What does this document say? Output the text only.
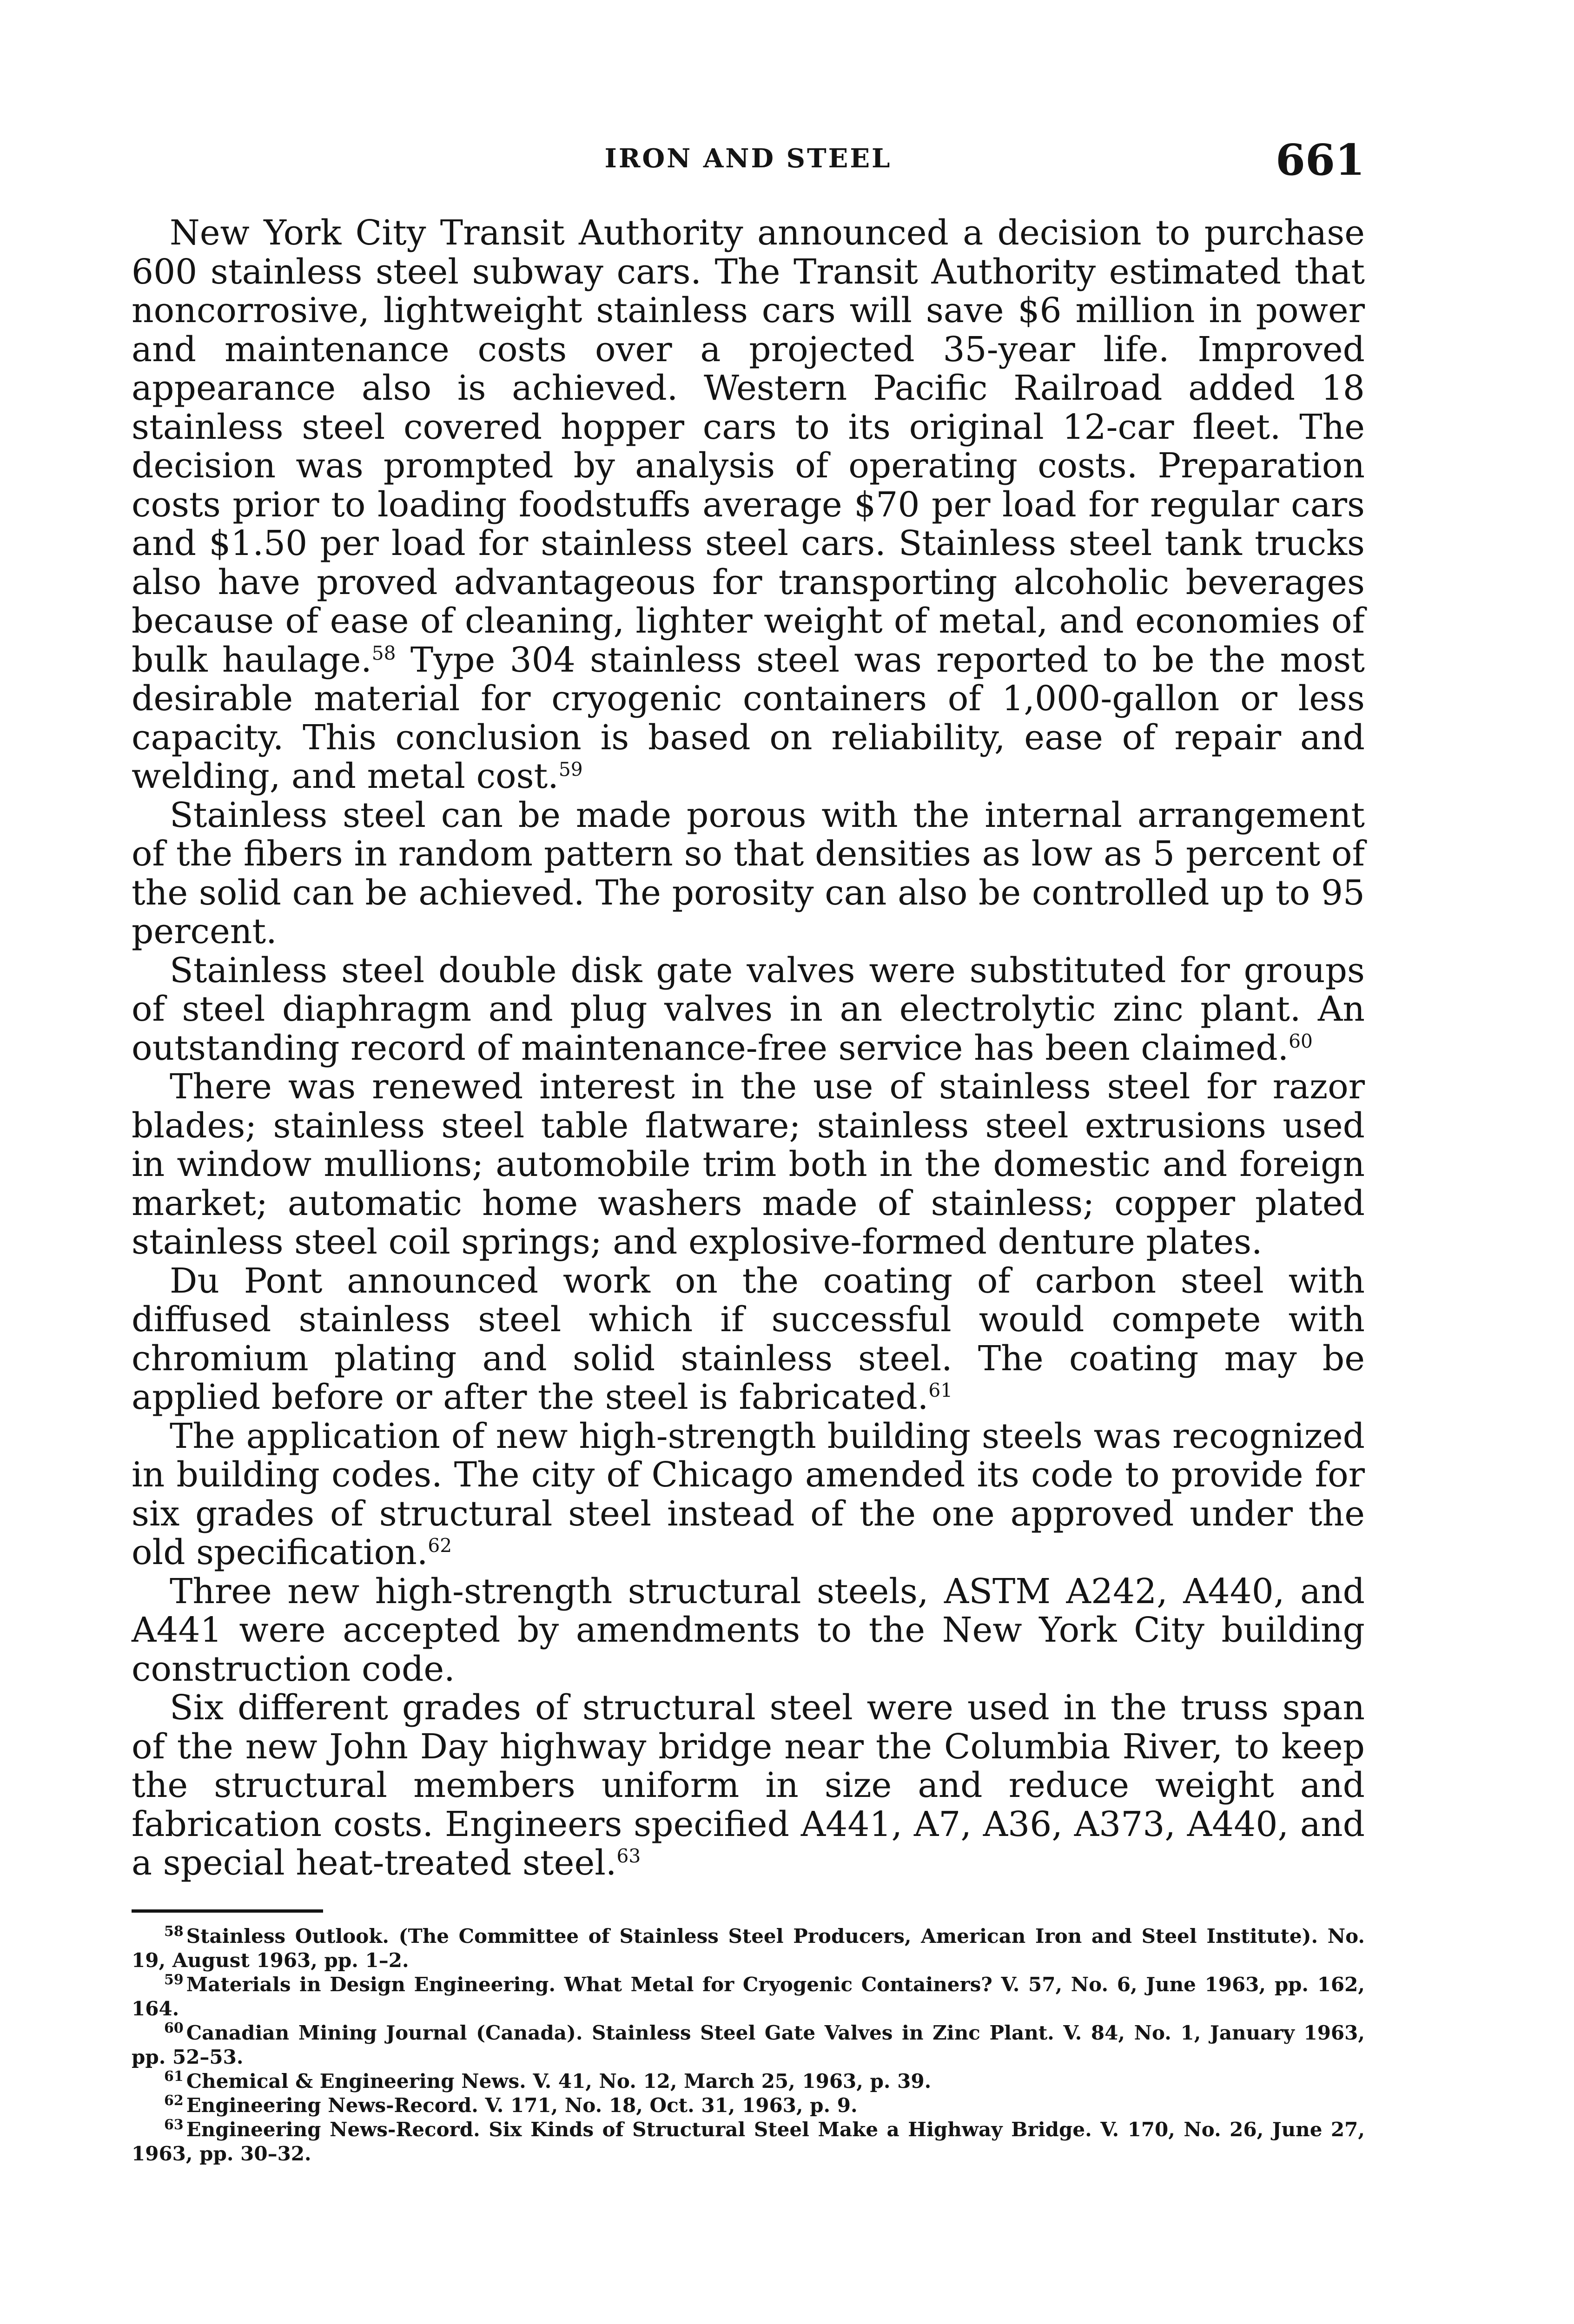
IRON AND STEEL	661

New York City Transit Authority announced a decision to purchase 600 stainless steel subway cars. The Transit Authority estimated that noncorrosive, lightweight stainless cars will save $6 million in power and maintenance costs over a projected 35-year life. Improved appearance also is achieved. Western Pacific Railroad added 18 stainless steel covered hopper cars to its original 12-car fleet. The decision was prompted by analysis of operating costs. Preparation costs prior to loading foodstuffs average $70 per load for regular cars and $1.50 per load for stainless steel cars. Stainless steel tank trucks also have proved advantageous for transporting alcoholic beverages because of ease of cleaning, lighter weight of metal, and economies of bulk haulage.$^{58}$ Type 304 stainless steel was reported to be the most desirable material for cryogenic containers of 1,000-gallon or less capacity. This conclusion is based on reliability, ease of repair and welding, and metal cost.$^{59}$

Stainless steel can be made porous with the internal arrangement of the fibers in random pattern so that densities as low as 5 percent of the solid can be achieved. The porosity can also be controlled up to 95 percent.

Stainless steel double disk gate valves were substituted for groups of steel diaphragm and plug valves in an electrolytic zinc plant. An outstanding record of maintenance-free service has been claimed.$^{60}$

There was renewed interest in the use of stainless steel for razor blades; stainless steel table flatware; stainless steel extrusions used in window mullions; automobile trim both in the domestic and foreign market; automatic home washers made of stainless; copper plated stainless steel coil springs; and explosive-formed denture plates.

Du Pont announced work on the coating of carbon steel with diffused stainless steel which if successful would compete with chromium plating and solid stainless steel. The coating may be applied before or after the steel is fabricated.$^{61}$

The application of new high-strength building steels was recognized in building codes. The city of Chicago amended its code to provide for six grades of structural steel instead of the one approved under the old specification.$^{62}$

Three new high-strength structural steels, ASTM A242, A440, and A441 were accepted by amendments to the New York City building construction code.

Six different grades of structural steel were used in the truss span of the new John Day highway bridge near the Columbia River, to keep the structural members uniform in size and reduce weight and fabrication costs. Engineers specified A441, A7, A36, A373, A440, and a special heat-treated steel.$^{63}$

$^{58}$ Stainless Outlook. (The Committee of Stainless Steel Producers, American Iron and Steel Institute). No. 19, August 1963, pp. 1–2.

$^{59}$ Materials in Design Engineering. What Metal for Cryogenic Containers? V. 57, No. 6, June 1963, pp. 162, 164.

$^{60}$ Canadian Mining Journal (Canada). Stainless Steel Gate Valves in Zinc Plant. V. 84, No. 1, January 1963, pp. 52–53.

$^{61}$ Chemical & Engineering News. V. 41, No. 12, March 25, 1963, p. 39.

$^{62}$ Engineering News-Record. V. 171, No. 18, Oct. 31, 1963, p. 9.

$^{63}$ Engineering News-Record. Six Kinds of Structural Steel Make a Highway Bridge. V. 170, No. 26, June 27, 1963, pp. 30–32.
